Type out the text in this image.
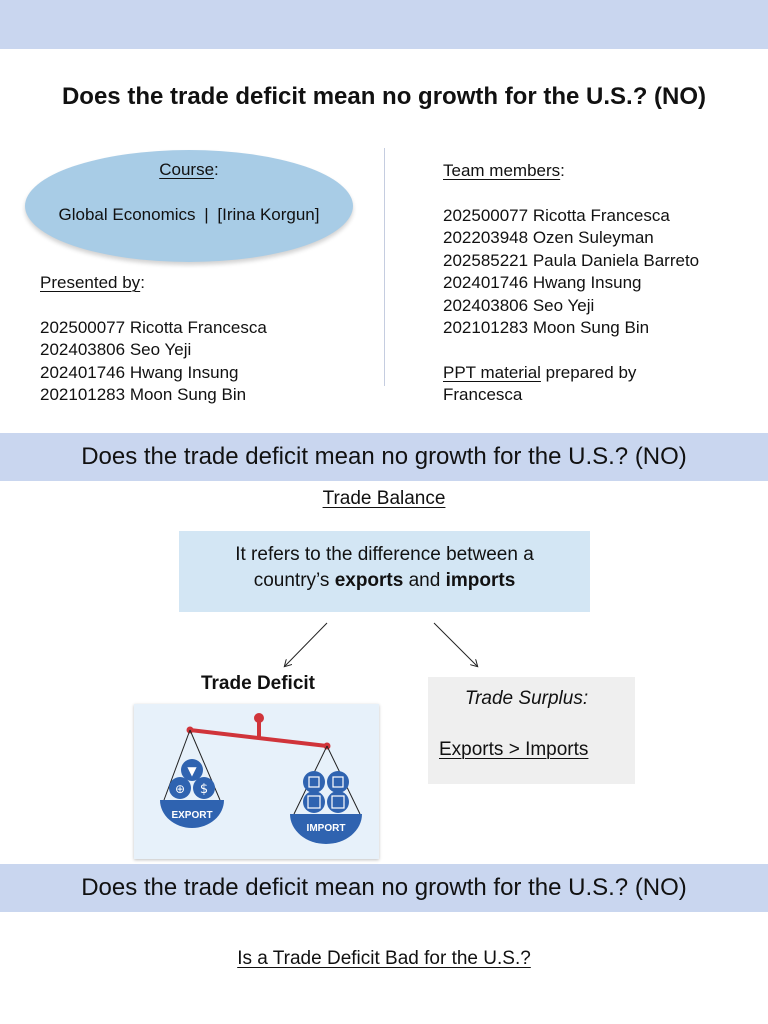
Does the trade deficit mean no growth for the U.S.? (NO)
Course:
Global Economics | [Irina Korgun]
Presented by:
202500077 Ricotta Francesca
202403806 Seo Yeji
202401746 Hwang Insung
202101283 Moon Sung Bin
Team members:
202500077 Ricotta Francesca
202203948 Ozen Suleyman
202585221 Paula Daniela Barreto
202401746 Hwang Insung
202403806 Seo Yeji
202101283 Moon Sung Bin
PPT material prepared by
Francesca
Does the trade deficit mean no growth for the U.S.? (NO)
Trade Balance
It refers to the difference between a
country’s exports and imports
Trade Deficit
⊕ $
▼
EXPORT
IMPORT
Trade Surplus:
Exports > Imports
Does the trade deficit mean no growth for the U.S.? (NO)
Is a Trade Deficit Bad for the U.S.?
